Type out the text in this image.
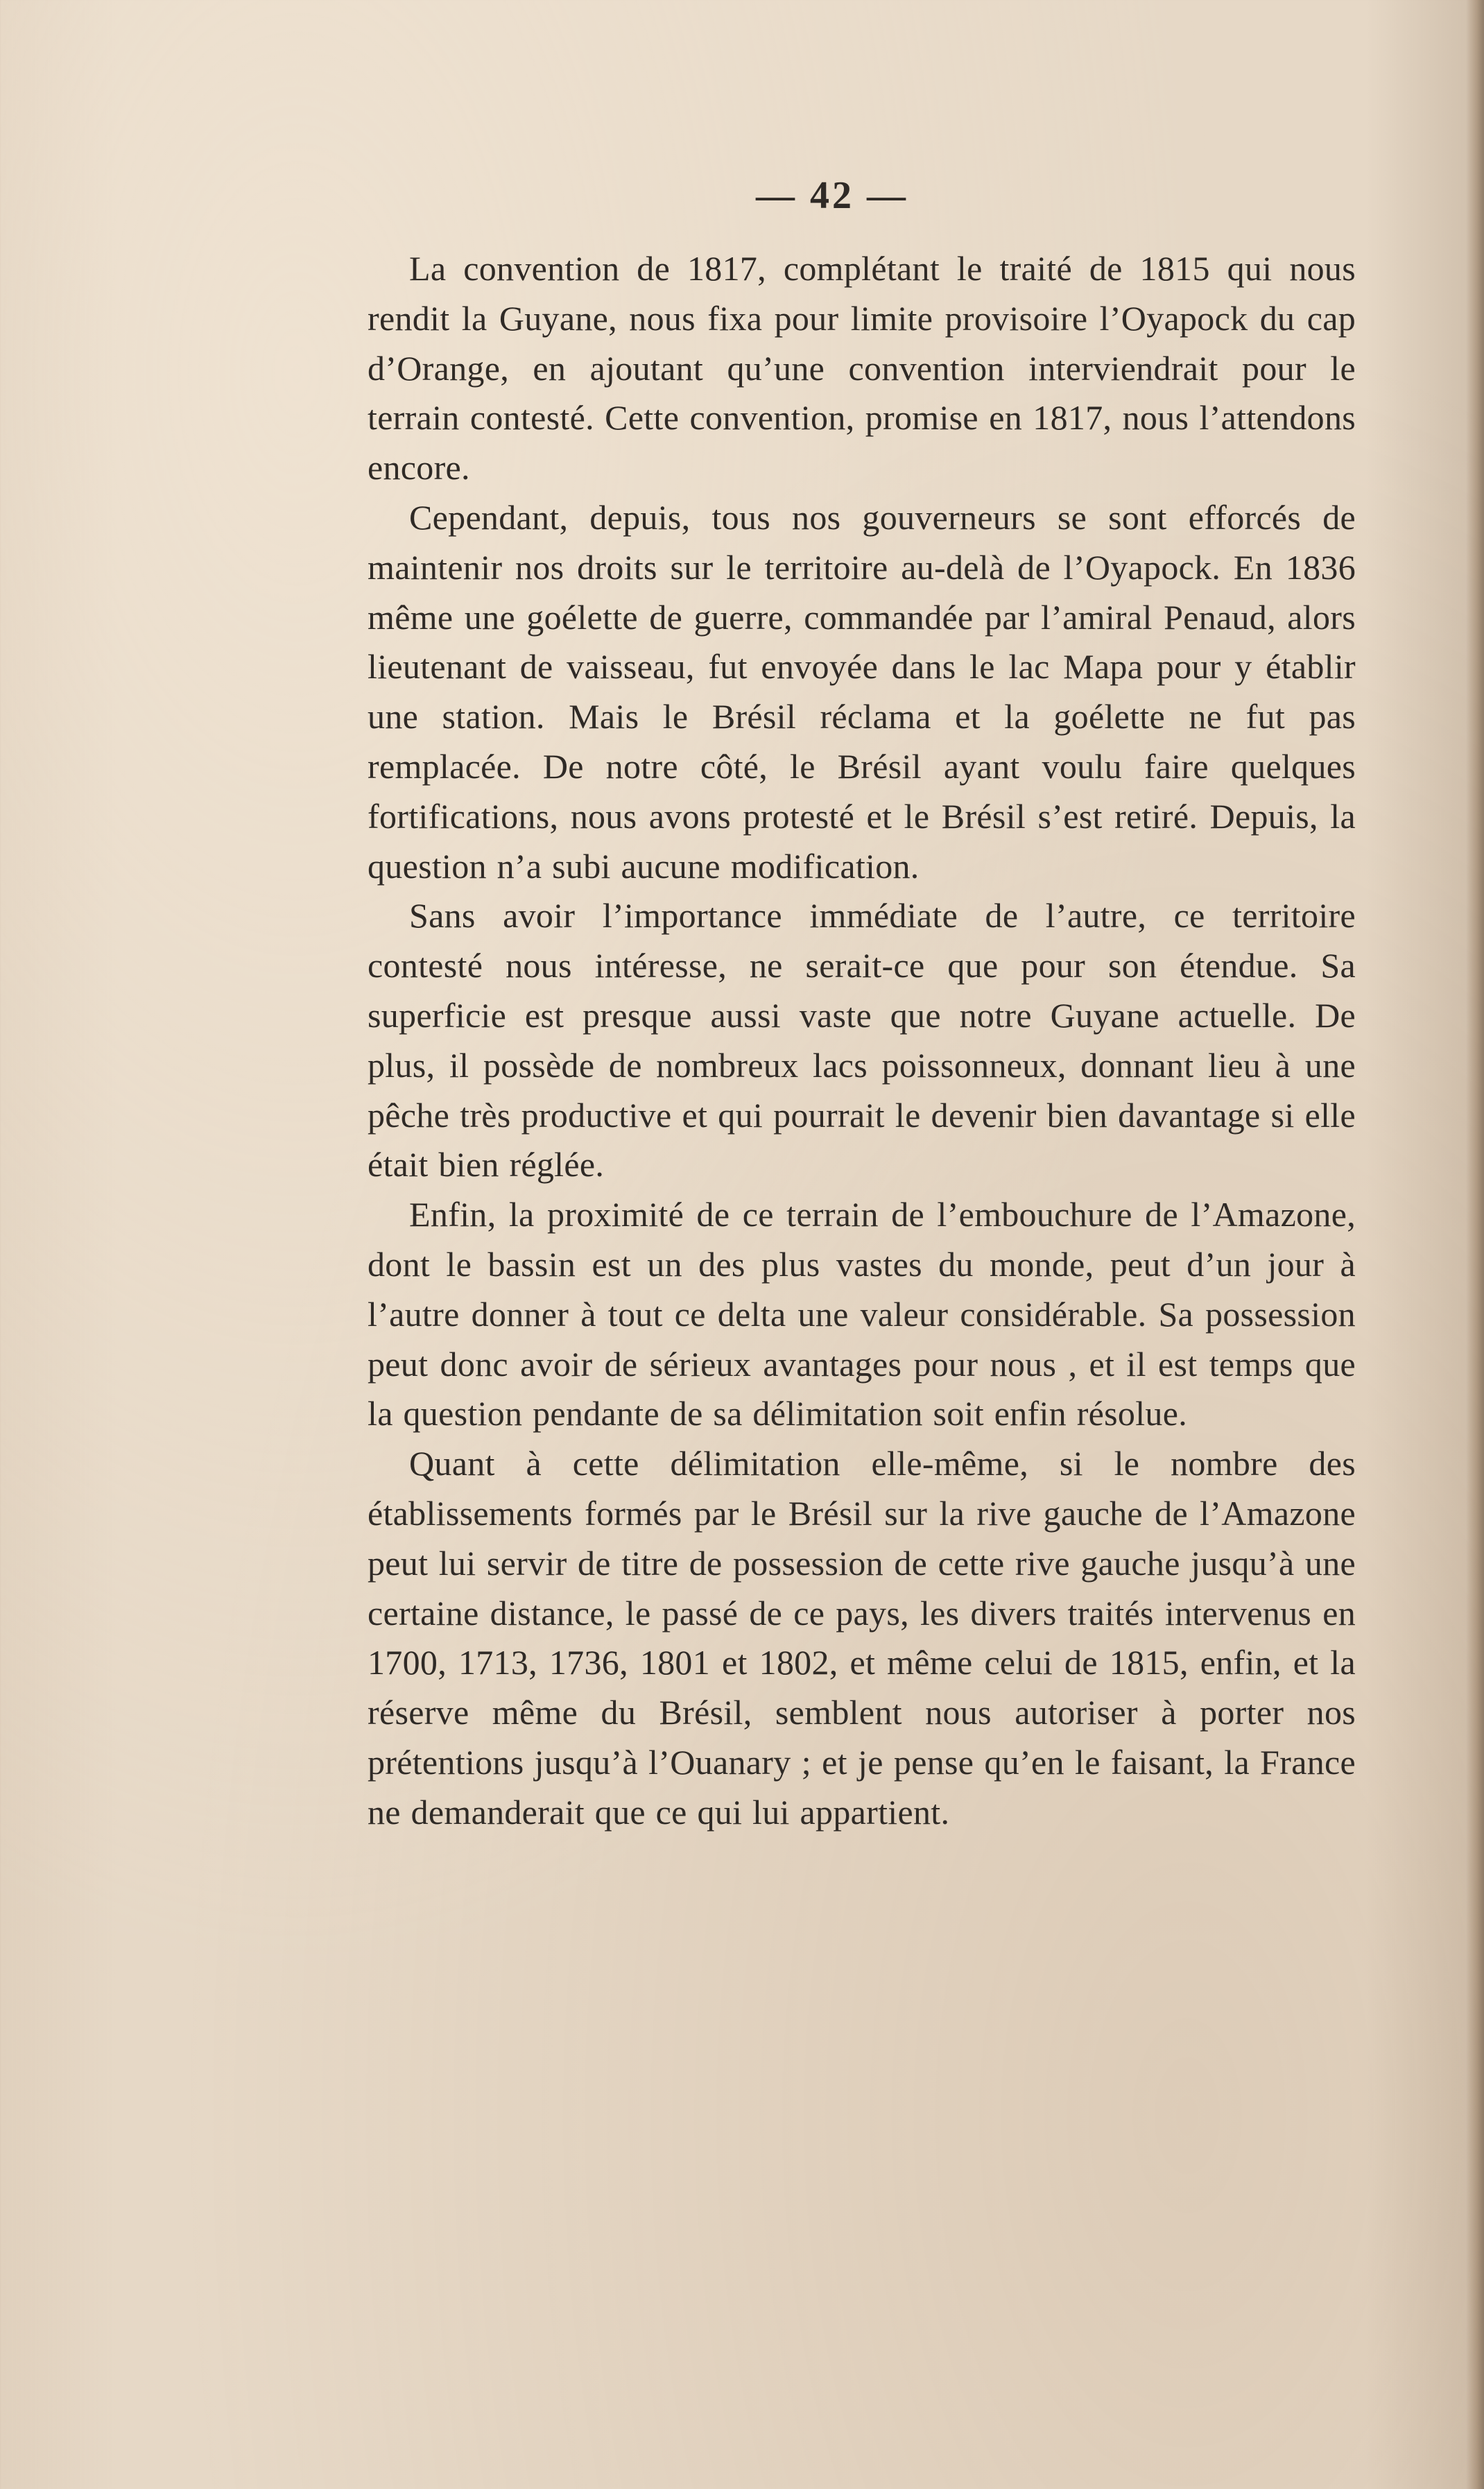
— 42 —

La convention de 1817, complétant le traité de 1815 qui nous rendit la Guyane, nous fixa pour limite provisoire l’Oyapock du cap d’Orange, en ajoutant qu’une convention interviendrait pour le terrain contesté. Cette convention, promise en 1817, nous l’attendons encore.

Cependant, depuis, tous nos gouverneurs se sont efforcés de maintenir nos droits sur le territoire au-delà de l’Oyapock. En 1836 même une goélette de guerre, commandée par l’amiral Penaud, alors lieutenant de vaisseau, fut envoyée dans le lac Mapa pour y établir une station. Mais le Brésil réclama et la goélette ne fut pas remplacée. De notre côté, le Brésil ayant voulu faire quelques fortifications, nous avons protesté et le Brésil s’est retiré. Depuis, la question n’a subi aucune modification.

Sans avoir l’importance immédiate de l’autre, ce territoire contesté nous intéresse, ne serait-ce que pour son étendue. Sa superficie est presque aussi vaste que notre Guyane actuelle. De plus, il possède de nombreux lacs poissonneux, donnant lieu à une pêche très productive et qui pourrait le devenir bien davantage si elle était bien réglée.

Enfin, la proximité de ce terrain de l’embouchure de l’Amazone, dont le bassin est un des plus vastes du monde, peut d’un jour à l’autre donner à tout ce delta une valeur considérable. Sa possession peut donc avoir de sérieux avantages pour nous , et il est temps que la question pendante de sa délimitation soit enfin résolue.

Quant à cette délimitation elle-même, si le nombre des établissements formés par le Brésil sur la rive gauche de l’Amazone peut lui servir de titre de possession de cette rive gauche jusqu’à une certaine distance, le passé de ce pays, les divers traités intervenus en 1700, 1713, 1736, 1801 et 1802, et même celui de 1815, enfin, et la réserve même du Brésil, semblent nous autoriser à porter nos prétentions jusqu’à l’Ouanary ; et je pense qu’en le faisant, la France ne demanderait que ce qui lui appartient.
